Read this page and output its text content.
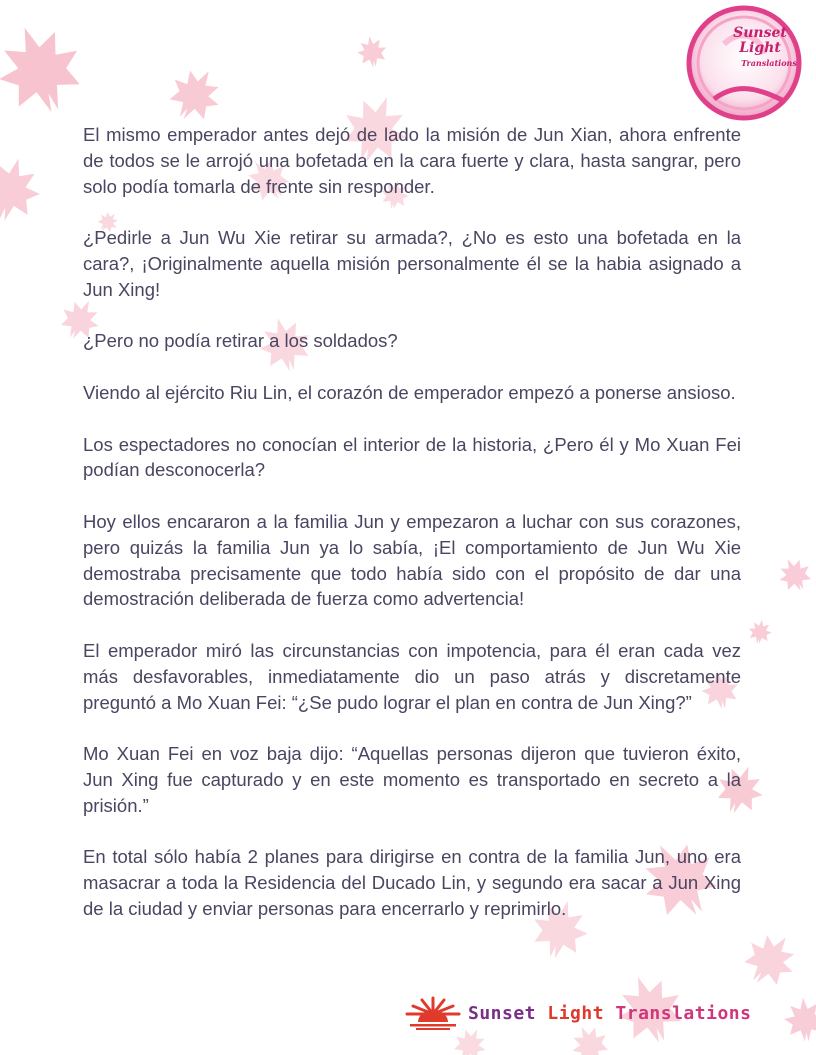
Sunset
Light
Translations

El mismo emperador antes dejó de lado la misión de Jun Xian, ahora enfrente de todos se le arrojó una bofetada en la cara fuerte y clara, hasta sangrar, pero solo podía tomarla de frente sin responder.

¿Pedirle a Jun Wu Xie retirar su armada?, ¿No es esto una bofetada en la cara?, ¡Originalmente aquella misión personalmente él se la habia asignado a Jun Xing!

¿Pero no podía retirar a los soldados?

Viendo al ejército Riu Lin, el corazón de emperador empezó a ponerse ansioso.

Los espectadores no conocían el interior de la historia, ¿Pero él y Mo Xuan Fei podían desconocerla?

Hoy ellos encararon a la familia Jun y empezaron a luchar con sus corazones, pero quizás la familia Jun ya lo sabía, ¡El comportamiento de Jun Wu Xie demostraba precisamente que todo había sido con el propósito de dar una demostración deliberada de fuerza como advertencia!

El emperador miró las circunstancias con impotencia, para él eran cada vez más desfavorables, inmediatamente dio un paso atrás y discretamente preguntó a Mo Xuan Fei: “¿Se pudo lograr el plan en contra de Jun Xing?”

Mo Xuan Fei en voz baja dijo: “Aquellas personas dijeron que tuvieron éxito, Jun Xing fue capturado y en este momento es transportado en secreto a la prisión.”

En total sólo había 2 planes para dirigirse en contra de la familia Jun, uno era masacrar a toda la Residencia del Ducado Lin, y segundo era sacar a Jun Xing de la ciudad y enviar personas para encerrarlo y reprimirlo.

Sunset Light Translations
